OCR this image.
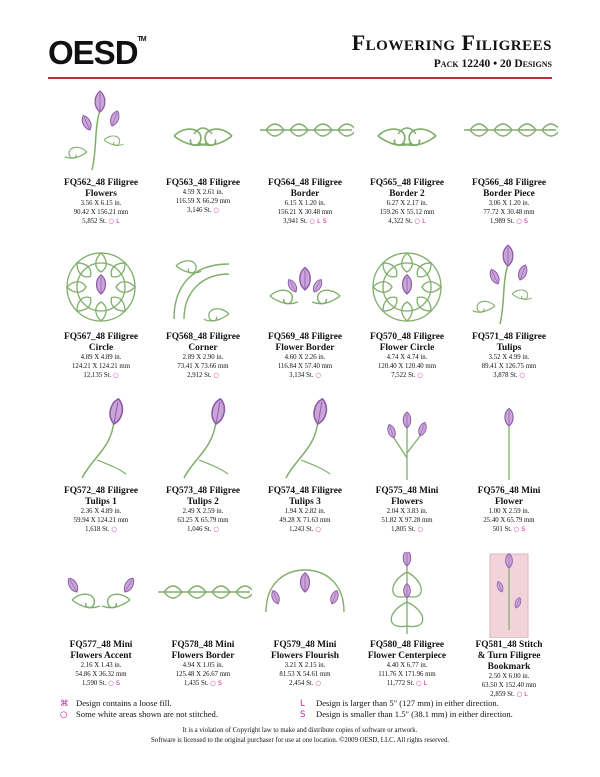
OESD™	Flowering Filigrees
Pack 12240 • 20 Designs
FQ562_48 Filigree
Flowers
3.56 X 6.15 in.
90.42 X 156.21 mm
5,852 St. ○ L
FQ563_48 Filigree

4.59 X 2.61 in.
116.59 X 66.29 mm
3,146 St. ○
FQ564_48 Filigree
Border
6.15 X 1.20 in.
156.21 X 30.48 mm
3,941 St. ○ L S
FQ565_48 Filigree
Border 2
6.27 X 2.17 in.
159.26 X 55.12 mm
4,322 St. ○ L
FQ566_48 Filigree
Border Piece
3.06 X 1.20 in.
77.72 X 30.48 mm
1,989 St. ○ S
FQ567_48 Filigree
Circle
4.89 X 4.89 in.
124.21 X 124.21 mm
12,135 St. ○
FQ568_48 Filigree
Corner
2.89 X 2.90 in.
73.41 X 73.66 mm
2,912 St. ○
FQ569_48 Filigree
Flower Border
4.60 X 2.26 in.
116.84 X 57.40 mm
3,134 St. ○
FQ570_48 Filigree
Flower Circle
4.74 X 4.74 in.
120.40 X 120.40 mm
7,522 St. ○
FQ571_48 Filigree
Tulips
3.52 X 4.99 in.
89.41 X 126.75 mm
3,878 St. ○
FQ572_48 Filigree
Tulips 1
2.36 X 4.89 in.
59.94 X 124.21 mm
1,618 St. ○
FQ573_48 Filigree
Tulips 2
2.49 X 2.59 in.
63.25 X 65.79 mm
1,046 St. ○
FQ574_48 Filigree
Tulips 3
1.94 X 2.82 in.
49.28 X 71.63 mm
1,243 St. ○
FQ575_48 Mini
Flowers
2.04 X 3.83 in.
51.82 X 97.28 mm
1,805 St. ○
FQ576_48 Mini
Flower
1.00 X 2.59 in.
25.40 X 65.79 mm
501 St. ○ S
FQ577_48 Mini
Flowers Accent
2.16 X 1.43 in.
54.86 X 36.32 mm
1,590 St. ○ S
FQ578_48 Mini
Flowers Border
4.94 X 1.05 in.
125.48 X 26.67 mm
1,435 St. ○ S
FQ579_48 Mini
Flowers Flourish
3.21 X 2.15 in.
81.53 X 54.61 mm
2,454 St. ○
FQ580_48 Filigree
Flower Centerpiece
4.40 X 6.77 in.
111.76 X 171.96 mm
11,772 St. ○ L
FQ581_48 Stitch
& Turn Filigree Bookmark
2.50 X 6.00 in.
63.50 X 152.40 mm
2,859 St. ○ L
⌘ Design contains a loose fill.
○ Some white areas shown are not stitched.
L Design is larger than 5" (127 mm) in either direction.
S Design is smaller than 1.5" (38.1 mm) in either direction.
It is a violation of Copyright law to make and distribute copies of software or artwork.
Software is licensed to the original purchaser for use at one location. ©2009 OESD, LLC. All rights reserved.
